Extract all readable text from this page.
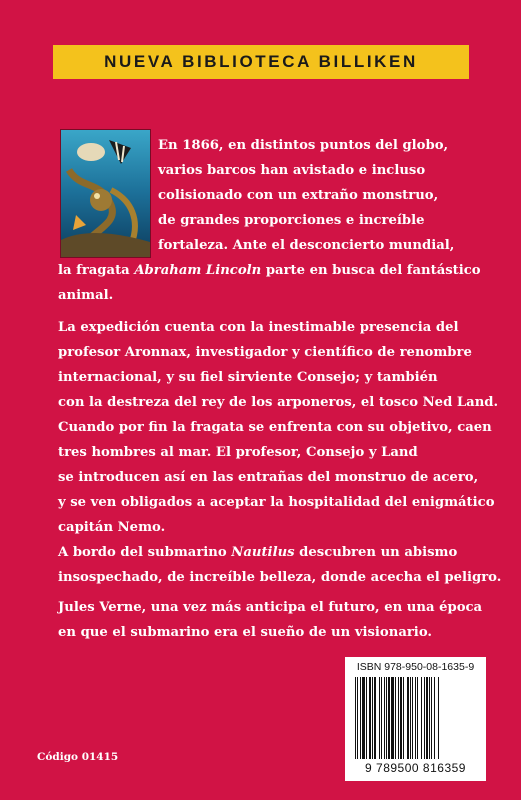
NUEVA BIBLIOTECA BILLIKEN
En 1866, en distintos puntos del globo,
varios barcos han avistado e incluso
colisionado con un extraño monstruo,
de grandes proporciones e increíble
fortaleza. Ante el desconcierto mundial,
la fragata Abraham Lincoln parte en busca del fantástico
animal.
La expedición cuenta con la inestimable presencia del
profesor Aronnax, investigador y científico de renombre
internacional, y su fiel sirviente Consejo; y también
con la destreza del rey de los arponeros, el tosco Ned Land.
Cuando por fin la fragata se enfrenta con su objetivo, caen
tres hombres al mar. El profesor, Consejo y Land
se introducen así en las entrañas del monstruo de acero,
y se ven obligados a aceptar la hospitalidad del enigmático
capitán Nemo.
A bordo del submarino Nautilus descubren un abismo
insospechado, de increíble belleza, donde acecha el peligro.
Jules Verne, una vez más anticipa el futuro, en una época
en que el submarino era el sueño de un visionario.
ISBN 978-950-08-1635-9
9 789500 816359
Código 01415
